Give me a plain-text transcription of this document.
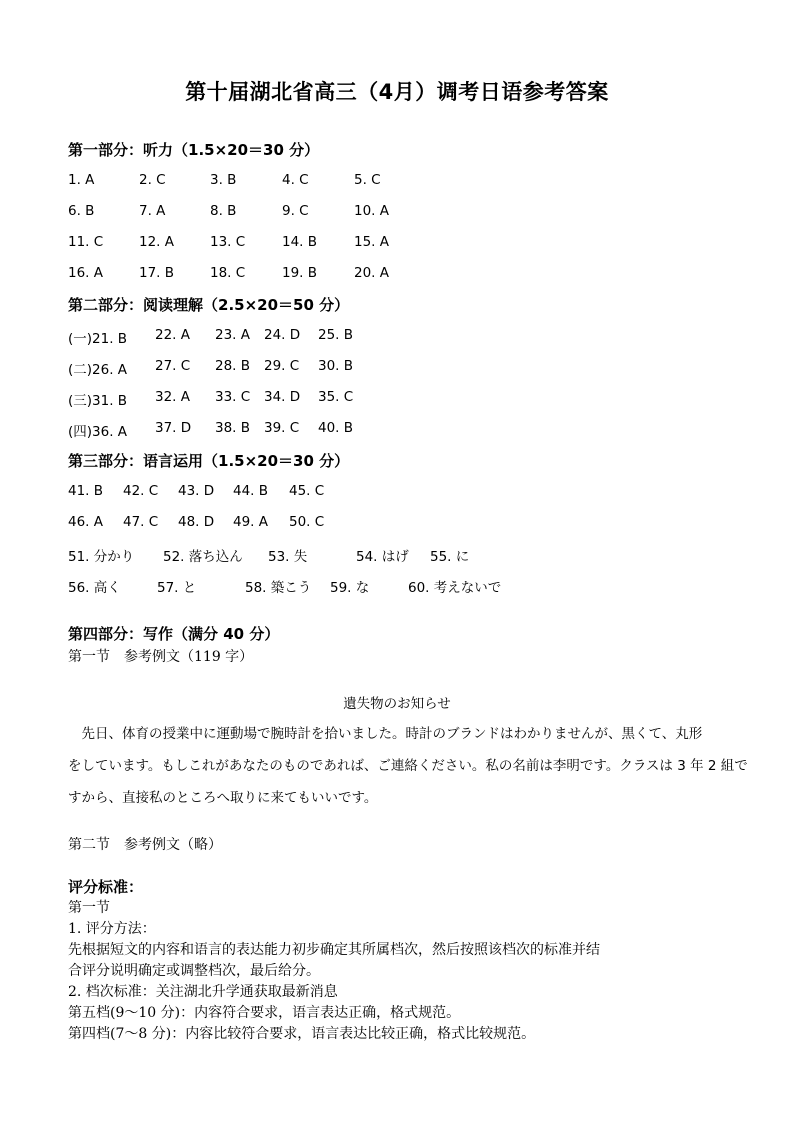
第十届湖北省高三（4月）调考日语参考答案
第一部分：听力（1.5×20＝30 分）
1. A	2. C	3. B	4. C	5. C
6. B	7. A	8. B	9. C	10. A
11. C	12. A	13. C	14. B	15. A
16. A	17. B	18. C	19. B	20. A
第二部分：阅读理解（2.5×20＝50 分）
(一)21. B 22. A 23. A 24. D 25. B
(二)26. A 27. C 28. B 29. C 30. B
(三)31. B 32. A 33. C 34. D 35. C
(四)36. A 37. D 38. B 39. C 40. B
第三部分：语言运用（1.5×20＝30 分）
41. B 42. C 43. D 44. B 45. C
46. A 47. C 48. D 49. A 50. C
51. 分かり 52. 落ち込ん 53. 失	54. はげ 55. に
56. 高く	57. と	58. 築こう 59. な	60. 考えないで
第四部分：写作（满分 40 分）
第一节　参考例文（119 字）
遺失物のお知らせ
　先日、体育の授業中に運動場で腕時計を拾いました。時計のブランドはわかりませんが、黒くて、丸形
をしています。もしこれがあなたのものであれば、ご連絡ください。私の名前は李明です。クラスは 3 年 2 組で
すから、直接私のところへ取りに来てもいいです。
第二节　参考例文（略）
评分标准：
第一节
1. 评分方法：
先根据短文的内容和语言的表达能力初步确定其所属档次，然后按照该档次的标准并结
合评分说明确定或调整档次，最后给分。
2. 档次标准：关注湖北升学通获取最新消息
第五档(9～10 分)：内容符合要求，语言表达正确，格式规范。
第四档(7～8 分)：内容比较符合要求，语言表达比较正确，格式比较规范。
